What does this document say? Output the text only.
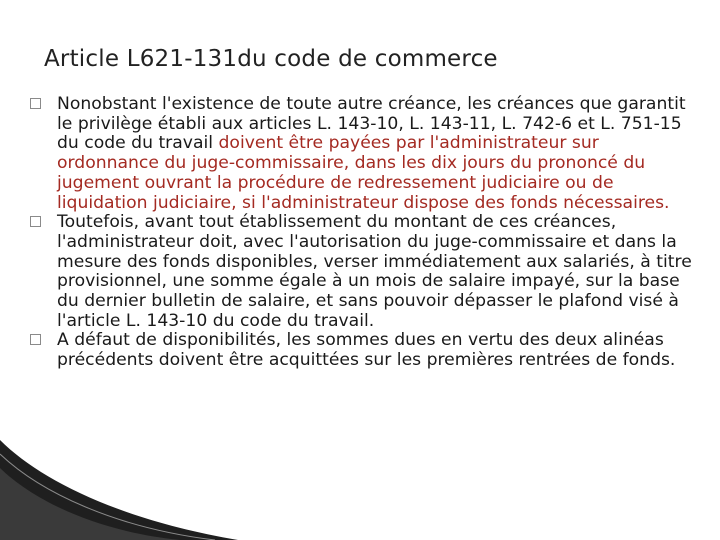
Article L621-131du code de commerce

Nonobstant l'existence de toute autre créance, les créances que garantit le privilège établi aux articles L. 143-10, L. 143-11, L. 742-6 et L. 751-15 du code du travail doivent être payées par l'administrateur sur ordonnance du juge-commissaire, dans les dix jours du prononcé du jugement ouvrant la procédure de redressement judiciaire ou de liquidation judiciaire, si l'administrateur dispose des fonds nécessaires.

Toutefois, avant tout établissement du montant de ces créances, l'administrateur doit, avec l'autorisation du juge-commissaire et dans la mesure des fonds disponibles, verser immédiatement aux salariés, à titre provisionnel, une somme égale à un mois de salaire impayé, sur la base du dernier bulletin de salaire, et sans pouvoir dépasser le plafond visé à l'article L. 143-10 du code du travail.

A défaut de disponibilités, les sommes dues en vertu des deux alinéas précédents doivent être acquittées sur les premières rentrées de fonds.
